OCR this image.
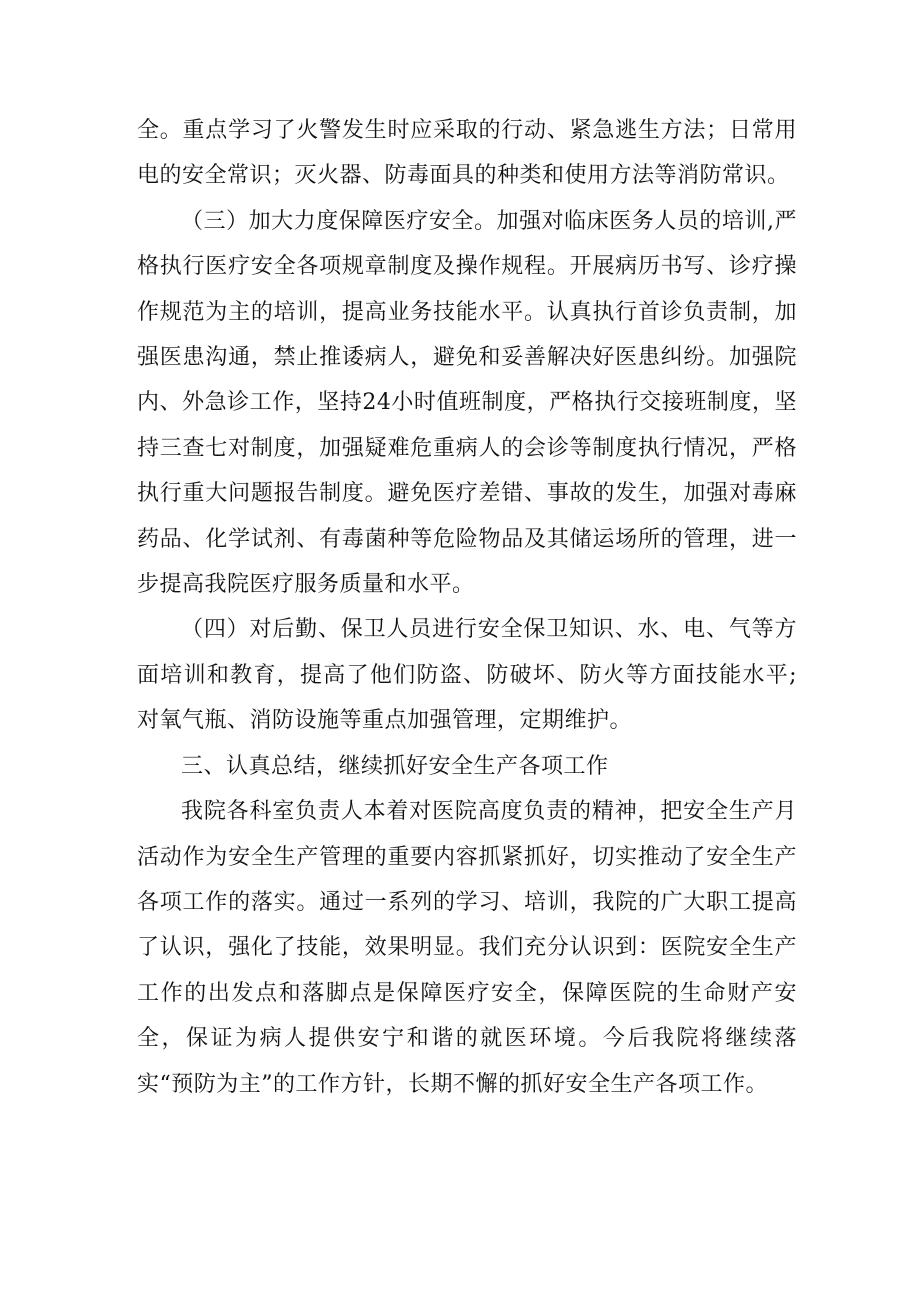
全。重点学习了火警发生时应采取的行动、紧急逃生方法；日常用电的安全常识；灭火器、防毒面具的种类和使用方法等消防常识。

（三）加大力度保障医疗安全。加强对临床医务人员的培训,严格执行医疗安全各项规章制度及操作规程。开展病历书写、诊疗操作规范为主的培训，提高业务技能水平。认真执行首诊负责制，加强医患沟通，禁止推诿病人，避免和妥善解决好医患纠纷。加强院内、外急诊工作，坚持24小时值班制度，严格执行交接班制度，坚持三查七对制度，加强疑难危重病人的会诊等制度执行情况，严格执行重大问题报告制度。避免医疗差错、事故的发生，加强对毒麻药品、化学试剂、有毒菌种等危险物品及其储运场所的管理，进一步提高我院医疗服务质量和水平。

（四）对后勤、保卫人员进行安全保卫知识、水、电、气等方面培训和教育，提高了他们防盗、防破坏、防火等方面技能水平;对氧气瓶、消防设施等重点加强管理，定期维护。

三、认真总结，继续抓好安全生产各项工作

我院各科室负责人本着对医院高度负责的精神，把安全生产月活动作为安全生产管理的重要内容抓紧抓好，切实推动了安全生产各项工作的落实。通过一系列的学习、培训，我院的广大职工提高了认识，强化了技能，效果明显。我们充分认识到：医院安全生产工作的出发点和落脚点是保障医疗安全，保障医院的生命财产安全，保证为病人提供安宁和谐的就医环境。今后我院将继续落实“预防为主”的工作方针，长期不懈的抓好安全生产各项工作。
